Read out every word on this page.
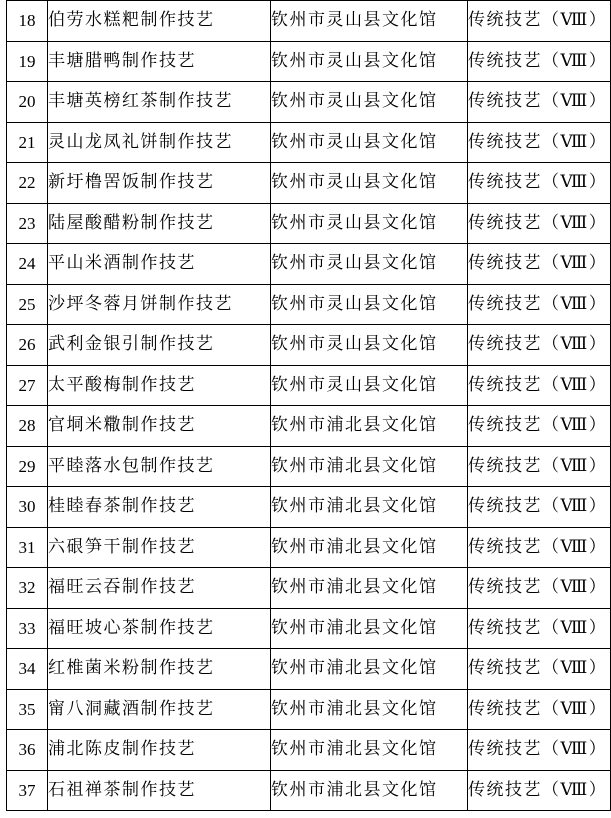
18	伯劳水糕粑制作技艺	钦州市灵山县文化馆	传统技艺（Ⅷ）
19	丰塘腊鸭制作技艺	钦州市灵山县文化馆	传统技艺（Ⅷ）
20	丰塘英榜红茶制作技艺	钦州市灵山县文化馆	传统技艺（Ⅷ）
21	灵山龙凤礼饼制作技艺	钦州市灵山县文化馆	传统技艺（Ⅷ）
22	新圩橹罟饭制作技艺	钦州市灵山县文化馆	传统技艺（Ⅷ）
23	陆屋酸醋粉制作技艺	钦州市灵山县文化馆	传统技艺（Ⅷ）
24	平山米酒制作技艺	钦州市灵山县文化馆	传统技艺（Ⅷ）
25	沙坪冬蓉月饼制作技艺	钦州市灵山县文化馆	传统技艺（Ⅷ）
26	武利金银引制作技艺	钦州市灵山县文化馆	传统技艺（Ⅷ）
27	太平酸梅制作技艺	钦州市灵山县文化馆	传统技艺（Ⅷ）
28	官垌米糤制作技艺	钦州市浦北县文化馆	传统技艺（Ⅷ）
29	平睦落水包制作技艺	钦州市浦北县文化馆	传统技艺（Ⅷ）
30	桂睦春茶制作技艺	钦州市浦北县文化馆	传统技艺（Ⅷ）
31	六硍笋干制作技艺	钦州市浦北县文化馆	传统技艺（Ⅷ）
32	福旺云吞制作技艺	钦州市浦北县文化馆	传统技艺（Ⅷ）
33	福旺坡心茶制作技艺	钦州市浦北县文化馆	传统技艺（Ⅷ）
34	红椎菌米粉制作技艺	钦州市浦北县文化馆	传统技艺（Ⅷ）
35	甯八洞藏酒制作技艺	钦州市浦北县文化馆	传统技艺（Ⅷ）
36	浦北陈皮制作技艺	钦州市浦北县文化馆	传统技艺（Ⅷ）
37	石祖禅茶制作技艺	钦州市浦北县文化馆	传统技艺（Ⅷ）
